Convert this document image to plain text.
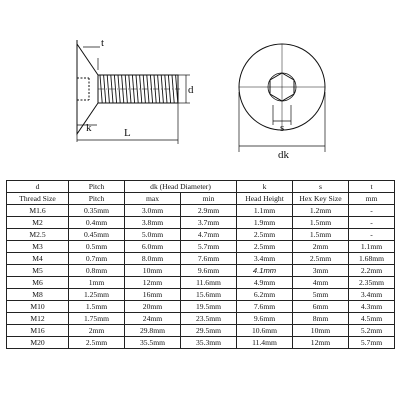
t
d
k	L	s
dk
d	Pitch	dk (Head Diameter)		k	s	t
Thread Size	Pitch	max	min	Head Height	Hex Key Size	mm
M1.6	0.35mm	3.0mm	2.9mm	1.1mm	1.2mm	-
M2	0.4mm	3.8mm	3.7mm	1.9mm	1.5mm	-
M2.5	0.45mm	5.0mm	4.7mm	2.5mm	1.5mm	-
M3	0.5mm	6.0mm	5.7mm	2.5mm	2mm	1.1mm
M4	0.7mm	8.0mm	7.6mm	3.4mm	2.5mm	1.68mm
M5	0.8mm	10mm	9.6mm	4.1mm	3mm	2.2mm
M6	1mm	12mm	11.6mm	4.9mm	4mm	2.35mm
M8	1.25mm	16mm	15.6mm	6.2mm	5mm	3.4mm
M10	1.5mm	20mm	19.5mm	7.6mm	6mm	4.3mm
M12	1.75mm	24mm	23.5mm	9.6mm	8mm	4.5mm
M16	2mm	29.8mm	29.5mm	10.6mm	10mm	5.2mm
M20	2.5mm	35.5mm	35.3mm	11.4mm	12mm	5.7mm
